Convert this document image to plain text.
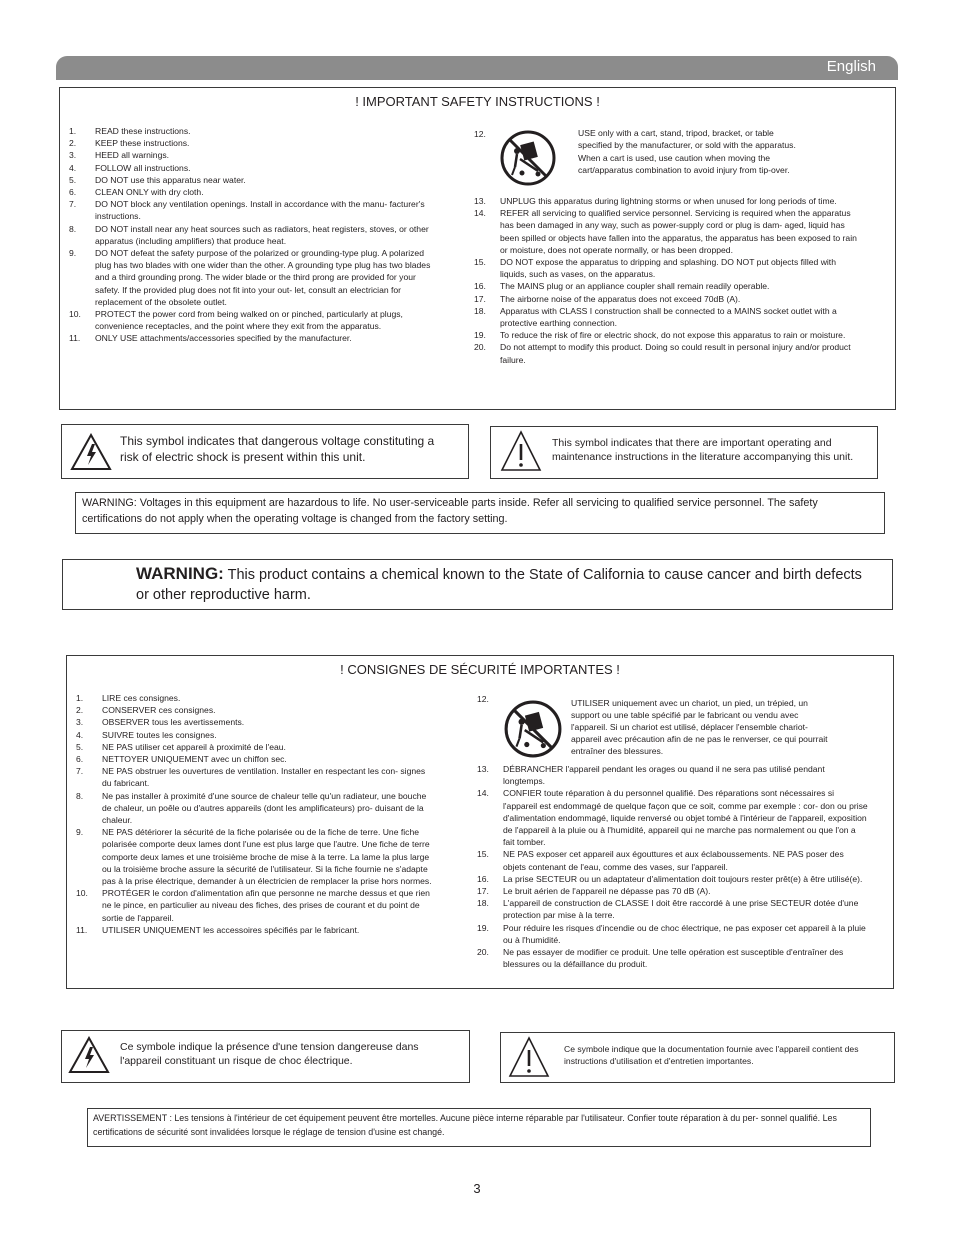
English
! IMPORTANT SAFETY INSTRUCTIONS !
1. READ these instructions.
2. KEEP these instructions.
3. HEED all warnings.
4. FOLLOW all instructions.
5. DO NOT use this apparatus near water.
6. CLEAN ONLY with dry cloth.
7. DO NOT block any ventilation openings. Install in accordance with the manu- facturer's instructions.
8. DO NOT install near any heat sources such as radiators, heat registers, stoves, or other apparatus (including amplifiers) that produce heat.
9. DO NOT defeat the safety purpose of the polarized or grounding-type plug. A polarized plug has two blades with one wider than the other. A grounding type plug has two blades and a third grounding prong. The wider blade or the third prong are provided for your safety. If the provided plug does not fit into your out- let, consult an electrician for replacement of the obsolete outlet.
10. PROTECT the power cord from being walked on or pinched, particularly at plugs, convenience receptacles, and the point where they exit from the apparatus.
11. ONLY USE attachments/accessories specified by the manufacturer.
12.	USE only with a cart, stand, tripod, bracket, or table specified by the manufacturer, or sold with the apparatus. When a cart is used, use caution when moving the cart/apparatus combination to avoid injury from tip-over.
13. UNPLUG this apparatus during lightning storms or when unused for long periods of time.
14. REFER all servicing to qualified service personnel. Servicing is required when the apparatus has been damaged in any way, such as power-supply cord or plug is dam- aged, liquid has been spilled or objects have fallen into the apparatus, the apparatus has been exposed to rain or moisture, does not operate normally, or has been dropped.
15. DO NOT expose the apparatus to dripping and splashing. DO NOT put objects filled with liquids, such as vases, on the apparatus.
16. The MAINS plug or an appliance coupler shall remain readily operable.
17. The airborne noise of the apparatus does not exceed 70dB (A).
18. Apparatus with CLASS I construction shall be connected to a MAINS socket outlet with a protective earthing connection.
19. To reduce the risk of fire or electric shock, do not expose this apparatus to rain or moisture.
20. Do not attempt to modify this product. Doing so could result in personal injury and/or product failure.
This symbol indicates that dangerous voltage constituting a risk of electric shock is present within this unit.
This symbol indicates that there are important operating and maintenance instructions in the literature accompanying this unit.
WARNING: Voltages in this equipment are hazardous to life. No user-serviceable parts inside. Refer all servicing to qualified service personnel. The safety certifications do not apply when the operating voltage is changed from the factory setting.
WARNING: This product contains a chemical known to the State of California to cause cancer and birth defects or other reproductive harm.
! CONSIGNES DE SÉCURITÉ IMPORTANTES !
1. LIRE ces consignes.
2. CONSERVER ces consignes.
3. OBSERVER tous les avertissements.
4. SUIVRE toutes les consignes.
5. NE PAS utiliser cet appareil à proximité de l'eau.
6. NETTOYER UNIQUEMENT avec un chiffon sec.
7. NE PAS obstruer les ouvertures de ventilation. Installer en respectant les con- signes du fabricant.
8. Ne pas installer à proximité d'une source de chaleur telle qu'un radiateur, une bouche de chaleur, un poêle ou d'autres appareils (dont les amplificateurs) pro- duisant de la chaleur.
9. NE PAS détériorer la sécurité de la fiche polarisée ou de la fiche de terre. Une fiche polarisée comporte deux lames dont l'une est plus large que l'autre. Une fiche de terre comporte deux lames et une troisième broche de mise à la terre. La lame la plus large ou la troisième broche assure la sécurité de l'utilisateur. Si la fiche fournie ne s'adapte pas à la prise électrique, demander à un électricien de remplacer la prise hors normes.
10. PROTÉGER le cordon d'alimentation afin que personne ne marche dessus et que rien ne le pince, en particulier au niveau des fiches, des prises de courant et du point de sortie de l'appareil.
11. UTILISER UNIQUEMENT les accessoires spécifiés par le fabricant.
12.	UTILISER uniquement avec un chariot, un pied, un trépied, un support ou une table spécifié par le fabricant ou vendu avec l'appareil. Si un chariot est utilisé, déplacer l'ensemble chariot-appareil avec précaution afin de ne pas le renverser, ce qui pourrait entraîner des blessures.
13. DÉBRANCHER l'appareil pendant les orages ou quand il ne sera pas utilisé pendant longtemps.
14. CONFIER toute réparation à du personnel qualifié. Des réparations sont nécessaires si l'appareil est endommagé de quelque façon que ce soit, comme par exemple : cor- don ou prise d'alimentation endommagé, liquide renversé ou objet tombé à l'intérieur de l'appareil, exposition de l'appareil à la pluie ou à l'humidité, appareil qui ne marche pas normalement ou que l'on a fait tomber.
15. NE PAS exposer cet appareil aux égouttures et aux éclaboussements. NE PAS poser des objets contenant de l'eau, comme des vases, sur l'appareil.
16. La prise SECTEUR ou un adaptateur d'alimentation doit toujours rester prêt(e) à être utilisé(e).
17. Le bruit aérien de l'appareil ne dépasse pas 70 dB (A).
18. L'appareil de construction de CLASSE I doit être raccordé à une prise SECTEUR dotée d'une protection par mise à la terre.
19. Pour réduire les risques d'incendie ou de choc électrique, ne pas exposer cet appareil à la pluie ou à l'humidité.
20. Ne pas essayer de modifier ce produit. Une telle opération est susceptible d'entraîner des blessures ou la défaillance du produit.
Ce symbole indique la présence d'une tension dangereuse dans l'appareil constituant un risque de choc électrique.
Ce symbole indique que la documentation fournie avec l'appareil contient des instructions d'utilisation et d'entretien importantes.
AVERTISSEMENT : Les tensions à l'intérieur de cet équipement peuvent être mortelles. Aucune pièce interne réparable par l'utilisateur. Confier toute réparation à du per- sonnel qualifié. Les certifications de sécurité sont invalidées lorsque le réglage de tension d'usine est changé.
3
